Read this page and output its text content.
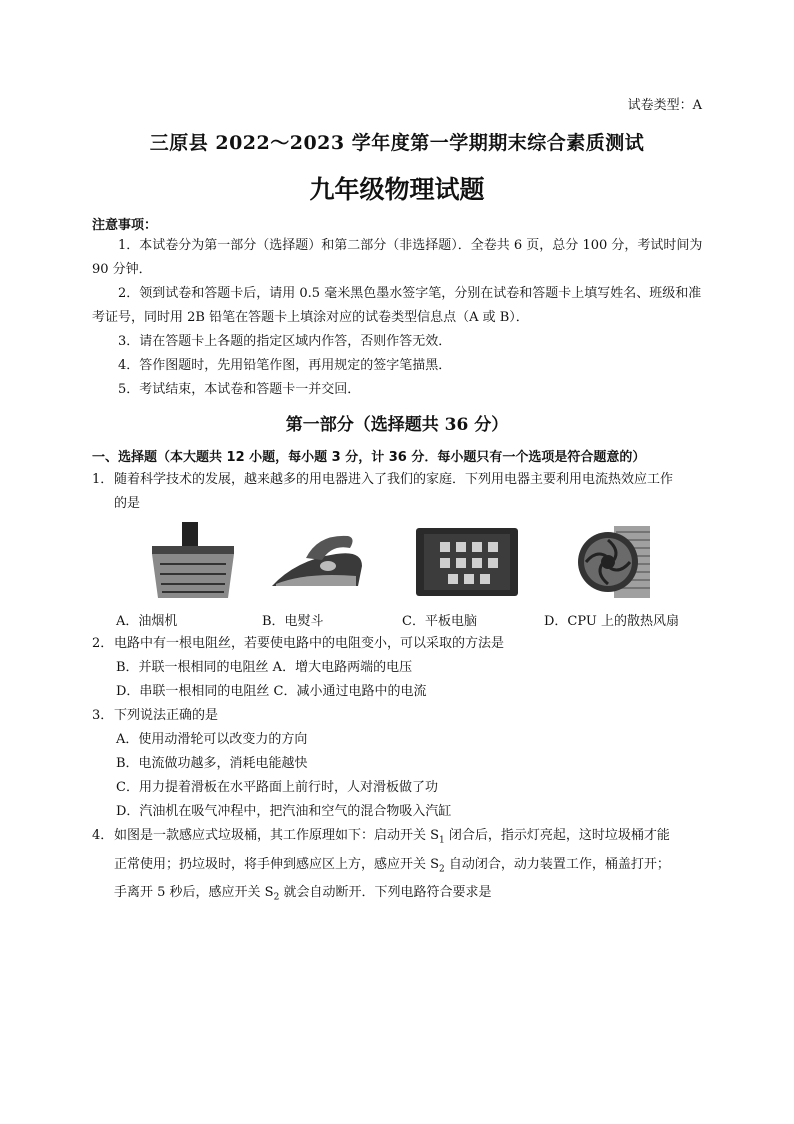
试卷类型：A
三原县 2022～2023 学年度第一学期期末综合素质测试
九年级物理试题
注意事项：
1．本试卷分为第一部分（选择题）和第二部分（非选择题）．全卷共 6 页，总分 100 分，考试时间为 90 分钟．
2．领到试卷和答题卡后，请用 0.5 毫米黑色墨水签字笔，分别在试卷和答题卡上填写姓名、班级和准考证号，同时用 2B 铅笔在答题卡上填涂对应的试卷类型信息点（A 或 B）．
3．请在答题卡上各题的指定区域内作答，否则作答无效．
4．答作图题时，先用铅笔作图，再用规定的签字笔描黑．
5．考试结束，本试卷和答题卡一并交回．
第一部分（选择题共 36 分）
一、选择题（本大题共 12 小题，每小题 3 分，计 36 分．每小题只有一个选项是符合题意的）
1．随着科学技术的发展，越来越多的用电器进入了我们的家庭．下列用电器主要利用电流热效应工作
的是
A．油烟机	B．电熨斗	C．平板电脑	D．CPU 上的散热风扇
2．电路中有一根电阻丝，若要使电路中的电阻变小，可以采取的方法是
B．并联一根相同的电阻丝 A．增大电路两端的电压
D．串联一根相同的电阻丝 C．减小通过电路中的电流
3．下列说法正确的是
A．使用动滑轮可以改变力的方向
B．电流做功越多，消耗电能越快
C．用力提着滑板在水平路面上前行时，人对滑板做了功
D．汽油机在吸气冲程中，把汽油和空气的混合物吸入汽缸
4．如图是一款感应式垃圾桶，其工作原理如下：启动开关 $S_1$ 闭合后，指示灯亮起，这时垃圾桶才能
正常使用；扔垃圾时，将手伸到感应区上方，感应开关 $S_2$ 自动闭合，动力装置工作，桶盖打开；
手离开 5 秒后，感应开关 $S_2$ 就会自动断开．下列电路符合要求是
